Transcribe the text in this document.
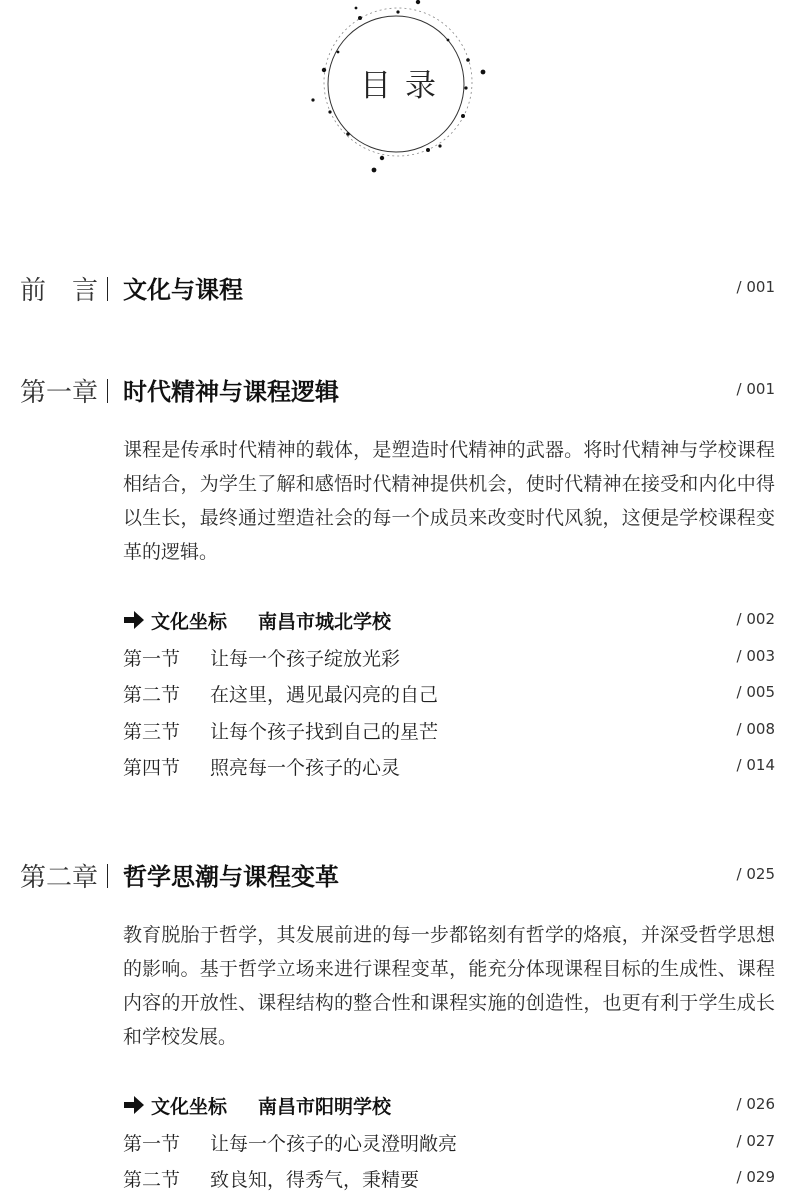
目录
前　言 文化与课程	/ 001
第一章 时代精神与课程逻辑	/ 001

课程是传承时代精神的载体，是塑造时代精神的武器。将时代精神与学校课程相结合，为学生了解和感悟时代精神提供机会，使时代精神在接受和内化中得以生长，最终通过塑造社会的每一个成员来改变时代风貌，这便是学校课程变革的逻辑。

文化坐标 南昌市城北学校	/ 002
第一节 让每一个孩子绽放光彩	/ 003
第二节 在这里，遇见最闪亮的自己	/ 005
第三节 让每个孩子找到自己的星芒	/ 008
第四节 照亮每一个孩子的心灵	/ 014
第二章 哲学思潮与课程变革	/ 025

教育脱胎于哲学，其发展前进的每一步都铭刻有哲学的烙痕，并深受哲学思想的影响。基于哲学立场来进行课程变革，能充分体现课程目标的生成性、课程内容的开放性、课程结构的整合性和课程实施的创造性，也更有利于学生成长和学校发展。

文化坐标 南昌市阳明学校	/ 026
第一节 让每一个孩子的心灵澄明敞亮	/ 027
第二节 致良知，得秀气，秉精要	/ 029
